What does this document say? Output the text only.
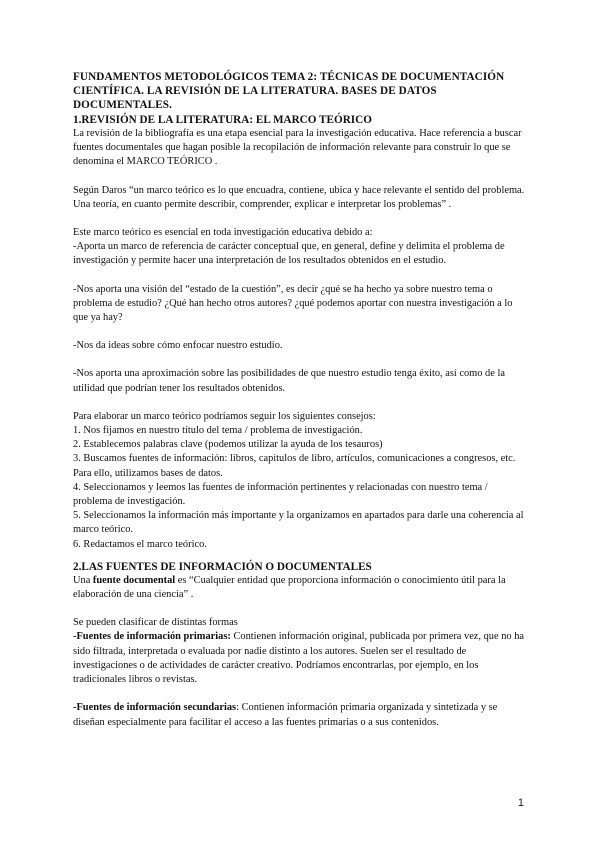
FUNDAMENTOS METODOLÓGICOS TEMA 2: TÉCNICAS DE DOCUMENTACIÓN CIENTÍFICA. LA REVISIÓN DE LA LITERATURA. BASES DE DATOS DOCUMENTALES.
1.REVISIÓN DE LA LITERATURA: EL MARCO TEÓRICO

La revisión de la bibliografía es una etapa esencial para la investigación educativa. Hace referencia a buscar fuentes documentales que hagan posible la recopilación de información relevante para construir lo que se denomina el MARCO TEÓRICO .

Según Daros “un marco teórico es lo que encuadra, contiene, ubica y hace relevante el sentido del problema. Una teoría, en cuanto permite describir, comprender, explicar e interpretar los problemas” .

Este marco teórico es esencial en toda investigación educativa debido a:

-Aporta un marco de referencia de carácter conceptual que, en general, define y delimita el problema de investigación y permite hacer una interpretación de los resultados obtenidos en el estudio.

-Nos aporta una visión del “estado de la cuestión”, es decir ¿qué se ha hecho ya sobre nuestro tema o problema de estudio? ¿Qué han hecho otros autores? ¿qué podemos aportar con nuestra investigación a lo que ya hay?

-Nos da ideas sobre cómo enfocar nuestro estudio.

-Nos aporta una aproximación sobre las posibilidades de que nuestro estudio tenga éxito, así como de la utilidad que podrían tener los resultados obtenidos.

Para elaborar un marco teórico podríamos seguir los siguientes consejos:

1. Nos fijamos en nuestro título del tema / problema de investigación.

2. Establecemos palabras clave (podemos utilizar la ayuda de los tesauros)

3. Buscamos fuentes de información: libros, capítulos de libro, artículos, comunicaciones a congresos, etc. Para ello, utilizamos bases de datos.

4. Seleccionamos y leemos las fuentes de información pertinentes y relacionadas con nuestro tema / problema de investigación.

5. Seleccionamos la información más importante y la organizamos en apartados para darle una coherencia al marco teórico.

6. Redactamos el marco teórico.

2.LAS FUENTES DE INFORMACIÓN O DOCUMENTALES

Una fuente documental es “Cualquier entidad que proporciona información o conocimiento útil para la elaboración de una ciencia” .

Se pueden clasificar de distintas formas

-Fuentes de información primarias: Contienen información original, publicada por primera vez, que no ha sido filtrada, interpretada o evaluada por nadie distinto a los autores. Suelen ser el resultado de investigaciones o de actividades de carácter creativo. Podríamos encontrarlas, por ejemplo, en los tradicionales libros o revistas.

-Fuentes de información secundarias: Contienen información primaria organizada y sintetizada y se diseñan especialmente para facilitar el acceso a las fuentes primarias o a sus contenidos.

1
